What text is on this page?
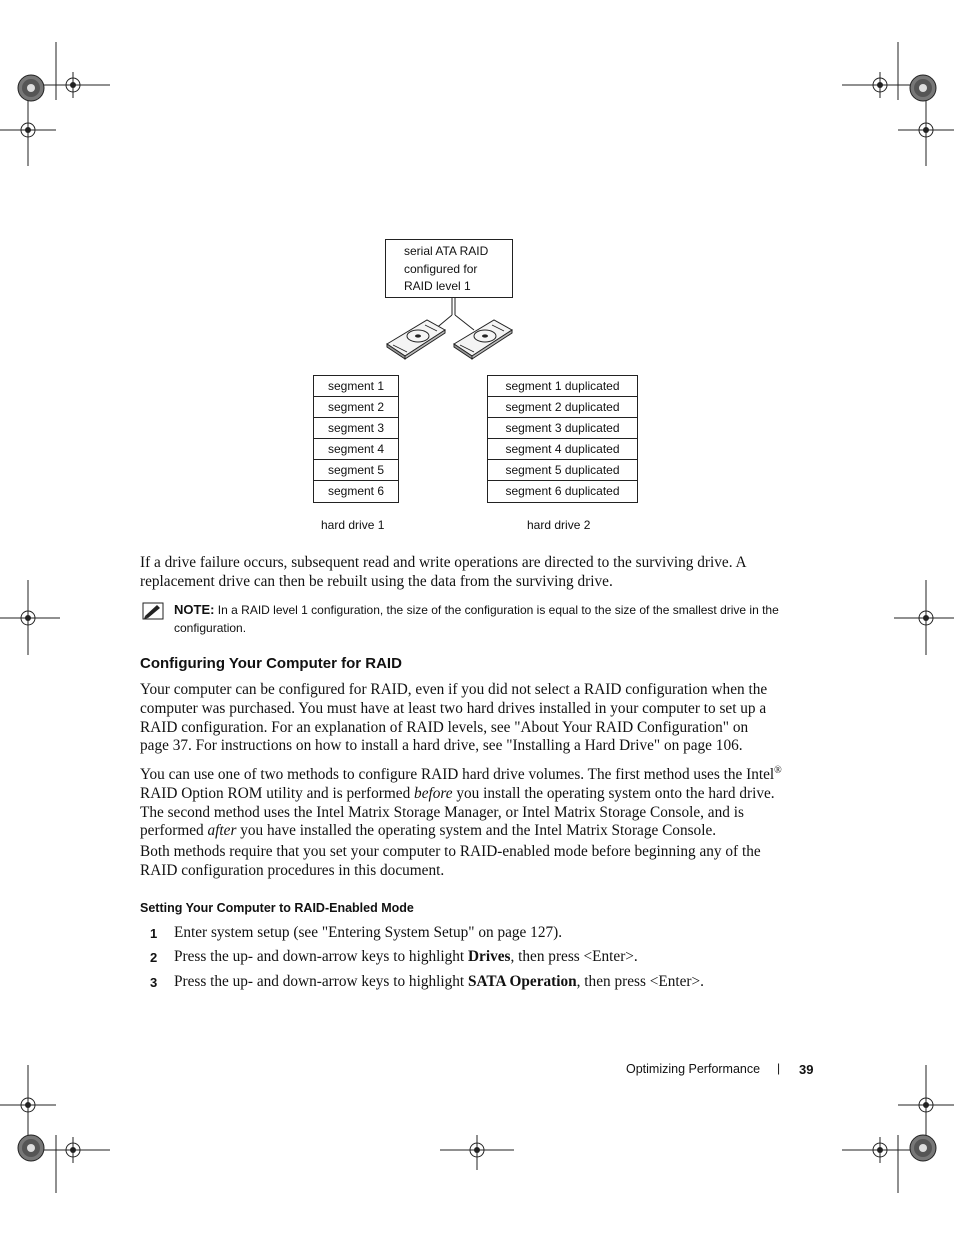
serial ATA RAID
configured for
RAID level 1
segment 1
segment 2
segment 3
segment 4
segment 5
segment 6
segment 1 duplicated
segment 2 duplicated
segment 3 duplicated
segment 4 duplicated
segment 5 duplicated
segment 6 duplicated
hard drive 1	hard drive 2
If a drive failure occurs, subsequent read and write operations are directed to the surviving drive. A
replacement drive can then be rebuilt using the data from the surviving drive.
NOTE: In a RAID level 1 configuration, the size of the configuration is equal to the size of the smallest drive in the
configuration.
Configuring Your Computer for RAID
Your computer can be configured for RAID, even if you did not select a RAID configuration when the
computer was purchased. You must have at least two hard drives installed in your computer to set up a
RAID configuration. For an explanation of RAID levels, see "About Your RAID Configuration" on
page 37. For instructions on how to install a hard drive, see "Installing a Hard Drive" on page 106.
You can use one of two methods to configure RAID hard drive volumes. The first method uses the Intel®
RAID Option ROM utility and is performed before you install the operating system onto the hard drive.
The second method uses the Intel Matrix Storage Manager, or Intel Matrix Storage Console, and is
performed after you have installed the operating system and the Intel Matrix Storage Console.
Both methods require that you set your computer to RAID-enabled mode before beginning any of the
RAID configuration procedures in this document.
Setting Your Computer to RAID-Enabled Mode
1 Enter system setup (see "Entering System Setup" on page 127).
2 Press the up- and down-arrow keys to highlight Drives, then press <Enter>.
3 Press the up- and down-arrow keys to highlight SATA Operation, then press <Enter>.
Optimizing Performance | 39
